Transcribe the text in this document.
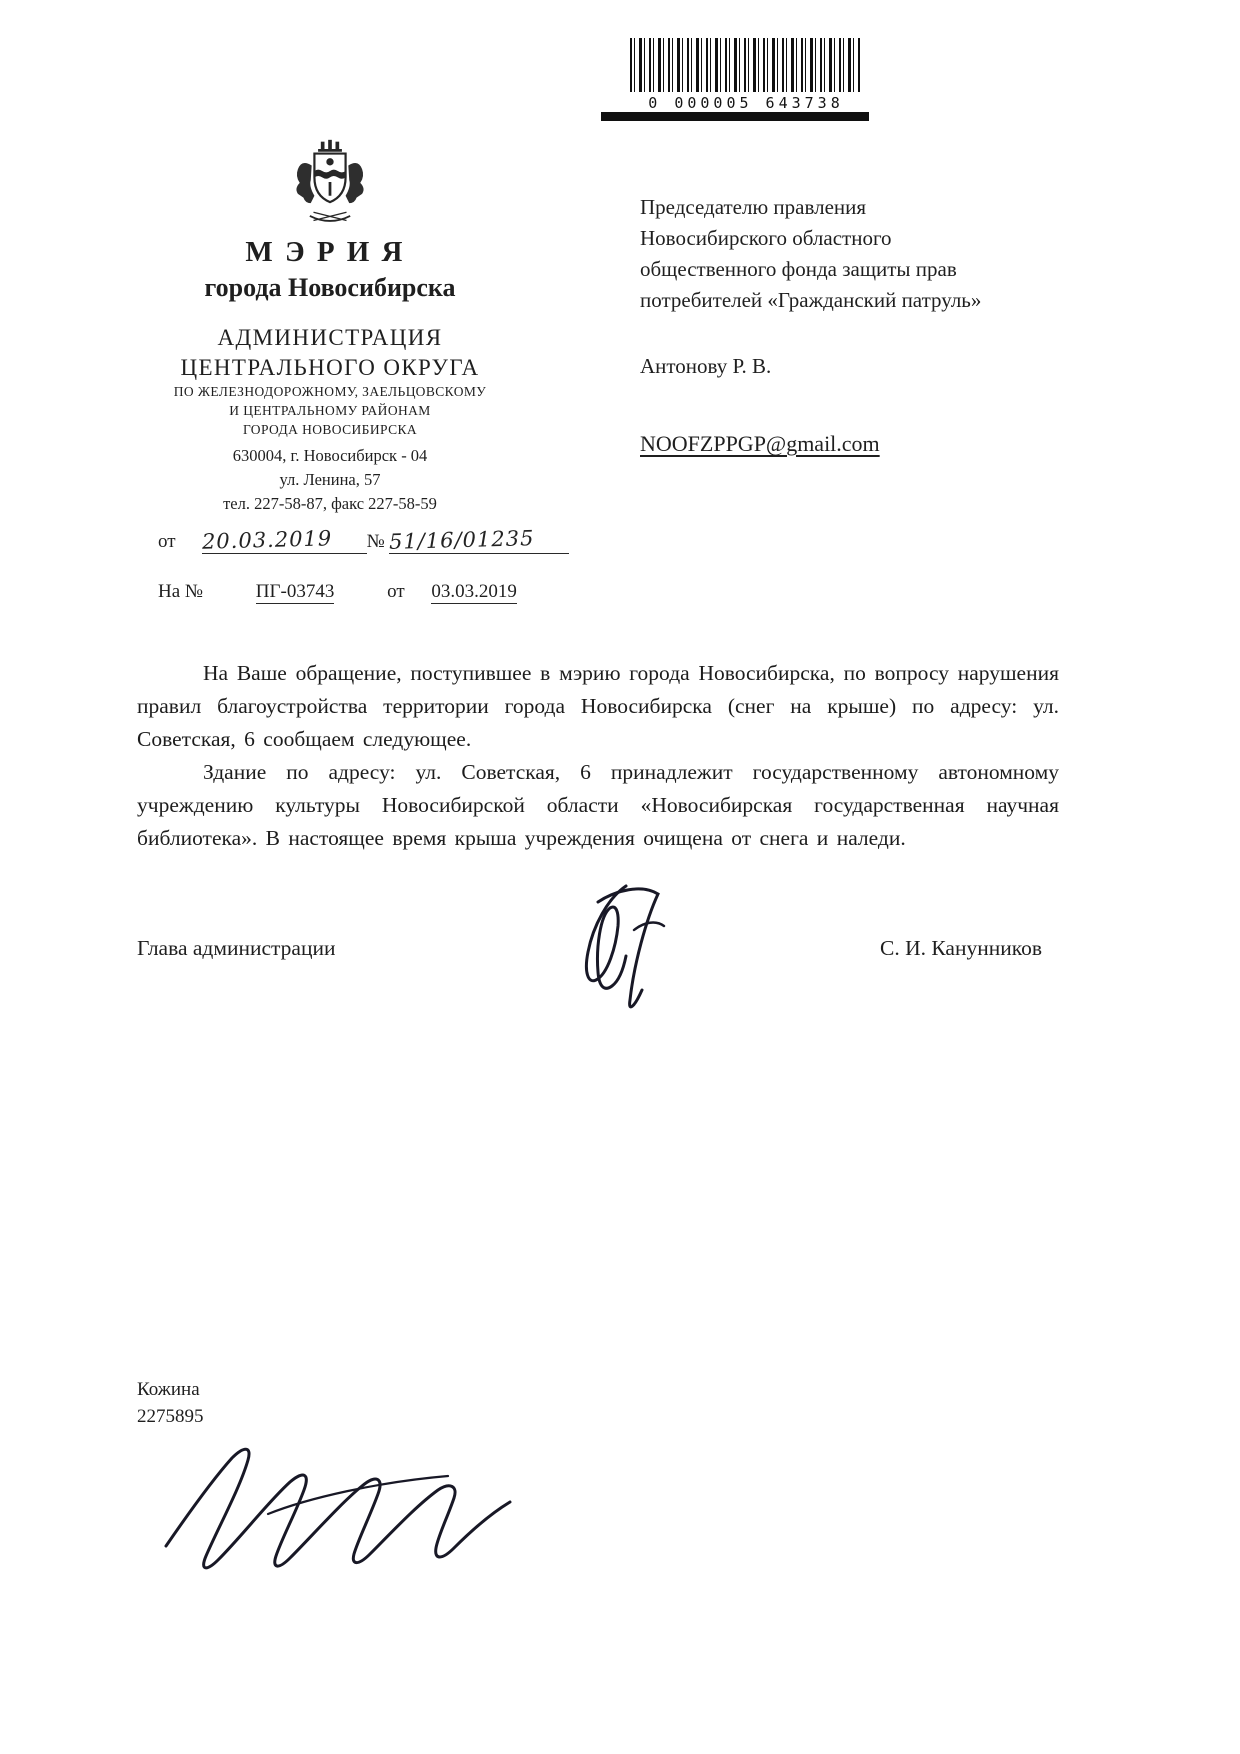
0 000005 643738
МЭРИЯ
города Новосибирска
АДМИНИСТРАЦИЯ
ЦЕНТРАЛЬНОГО ОКРУГА
ПО ЖЕЛЕЗНОДОРОЖНОМУ, ЗАЕЛЬЦОВСКОМУ
И ЦЕНТРАЛЬНОМУ РАЙОНАМ
ГОРОДА НОВОСИБИРСКА
630004, г. Новосибирск - 04
ул. Ленина, 57
тел. 227-58-87, факс 227-58-59
от 20.03.2019 № 51/16/01235
На №	ПГ-03743	от 03.03.2019
Председателю правления
Новосибирского областного
общественного фонда защиты прав
потребителей «Гражданский патруль»
Антонову Р. В.
NOOFZPPGP@gmail.com

На Ваше обращение, поступившее в мэрию города Новосибирска, по вопросу нарушения правил благоустройства территории города Новосибирска (снег на крыше) по адресу: ул. Советская, 6 сообщаем следующее.

Здание по адресу: ул. Советская, 6 принадлежит государственному автономному учреждению культуры Новосибирской области «Новосибирская государственная научная библиотека». В настоящее время крыша учреждения очищена от снега и наледи.

Глава администрации	С. И. Канунников
Кожина
2275895
